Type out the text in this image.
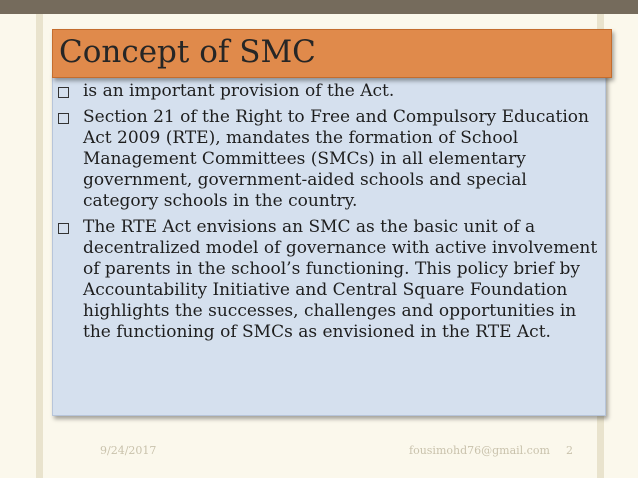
Concept of SMC
is an important provision of the Act.
Section 21 of the Right to Free and Compulsory Education Act 2009 (RTE), mandates the formation of School Management Committees (SMCs) in all elementary government, government-aided schools and special category schools in the country.
The RTE Act envisions an SMC as the basic unit of a decentralized model of governance with active involvement of parents in the school’s functioning. This policy brief by Accountability Initiative and Central Square Foundation highlights the successes, challenges and opportunities in the functioning of SMCs as envisioned in the RTE Act.
9/24/2017	fousimohd76@gmail.com 2
